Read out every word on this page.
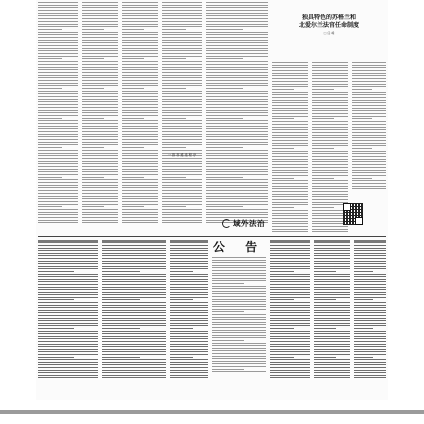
独具特色的苏格兰和
北爱尔兰法官任命制度
□ 任 峰
一 推 荐 遴 选 程 序
域外法治
公 告
